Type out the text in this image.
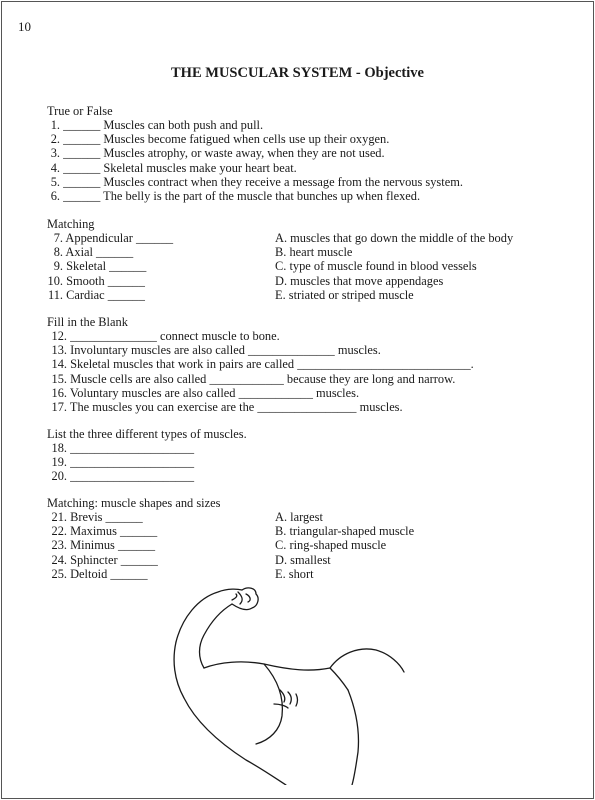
10
THE MUSCULAR SYSTEM - Objective
True or False
1. ______ Muscles can both push and pull.
2. ______ Muscles become fatigued when cells use up their oxygen.
3. ______ Muscles atrophy, or waste away, when they are not used.
4. ______ Skeletal muscles make your heart beat.
5. ______ Muscles contract when they receive a message from the nervous system.
6. ______ The belly is the part of the muscle that bunches up when flexed.
Matching
7. Appendicular ______
8. Axial ______
9. Skeletal ______
10. Smooth ______
11. Cardiac ______
A. muscles that go down the middle of the body
B. heart muscle
C. type of muscle found in blood vessels
D. muscles that move appendages
E. striated or striped muscle
Fill in the Blank
12. ______________ connect muscle to bone.
13. Involuntary muscles are also called ______________ muscles.
14. Skeletal muscles that work in pairs are called ____________________________.
15. Muscle cells are also called ____________ because they are long and narrow.
16. Voluntary muscles are also called ____________ muscles.
17. The muscles you can exercise are the ________________ muscles.
List the three different types of muscles.
18. ____________________
19. ____________________
20. ____________________
Matching: muscle shapes and sizes
21. Brevis ______
22. Maximus ______
23. Minimus ______
24. Sphincter ______
25. Deltoid ______
A. largest
B. triangular-shaped muscle
C. ring-shaped muscle
D. smallest
E. short
